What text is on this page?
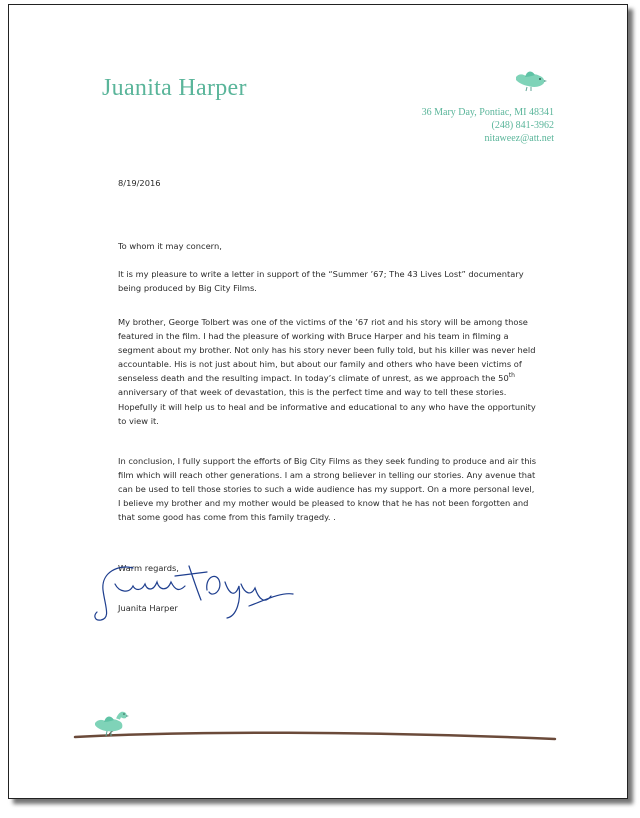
Juanita Harper
36 Mary Day, Pontiac, MI 48341
(248) 841-3962
nitaweez@att.net
8/19/2016
To whom it may concern,
It is my pleasure to write a letter in support of the “Summer ’67; The 43 Lives Lost” documentary being produced by Big City Films.
My brother, George Tolbert was one of the victims of the ’67 riot and his story will be among those featured in the film. I had the pleasure of working with Bruce Harper and his team in filming a segment about my brother. Not only has his story never been fully told, but his killer was never held accountable. His is not just about him, but about our family and others who have been victims of senseless death and the resulting impact. In today’s climate of unrest, as we approach the 50th anniversary of that week of devastation, this is the perfect time and way to tell these stories. Hopefully it will help us to heal and be informative and educational to any who have the opportunity to view it.
In conclusion, I fully support the efforts of Big City Films as they seek funding to produce and air this film which will reach other generations. I am a strong believer in telling our stories. Any avenue that can be used to tell those stories to such a wide audience has my support. On a more personal level, I believe my brother and my mother would be pleased to know that he has not been forgotten and that some good has come from this family tragedy. .
Warm regards,
Juanita Harper
